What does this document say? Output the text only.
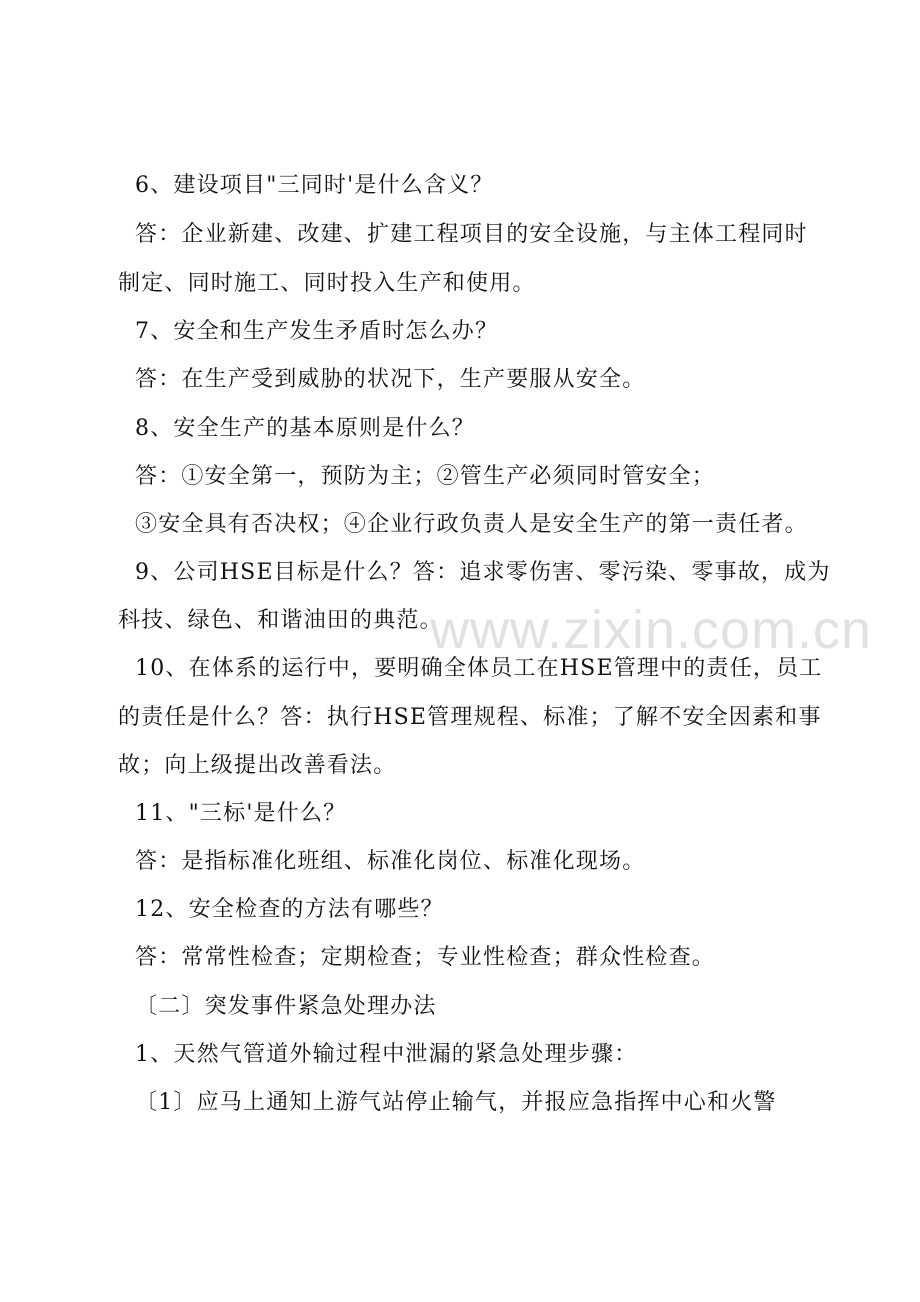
6、建设项目"三同时'是什么含义？
答：企业新建、改建、扩建工程项目的安全设施，与主体工程同时
制定、同时施工、同时投入生产和使用。
7、安全和生产发生矛盾时怎么办？
答：在生产受到威胁的状况下，生产要服从安全。
8、安全生产的基本原则是什么？
答：①安全第一，预防为主；②管生产必须同时管安全；
③安全具有否决权；④企业行政负责人是安全生产的第一责任者。
9、公司HSE目标是什么？答：追求零伤害、零污染、零事故，成为
科技、绿色、和谐油田的典范。
10、在体系的运行中，要明确全体员工在HSE管理中的责任，员工
的责任是什么？答：执行HSE管理规程、标准；了解不安全因素和事
故；向上级提出改善看法。
11、"三标'是什么？
答：是指标准化班组、标准化岗位、标准化现场。
12、安全检查的方法有哪些？
答：常常性检查；定期检查；专业性检查；群众性检查。
〔二〕突发事件紧急处理办法
1、天然气管道外输过程中泄漏的紧急处理步骤：
〔1〕应马上通知上游气站停止输气，并报应急指挥中心和火警
www.zixin.com.cn
